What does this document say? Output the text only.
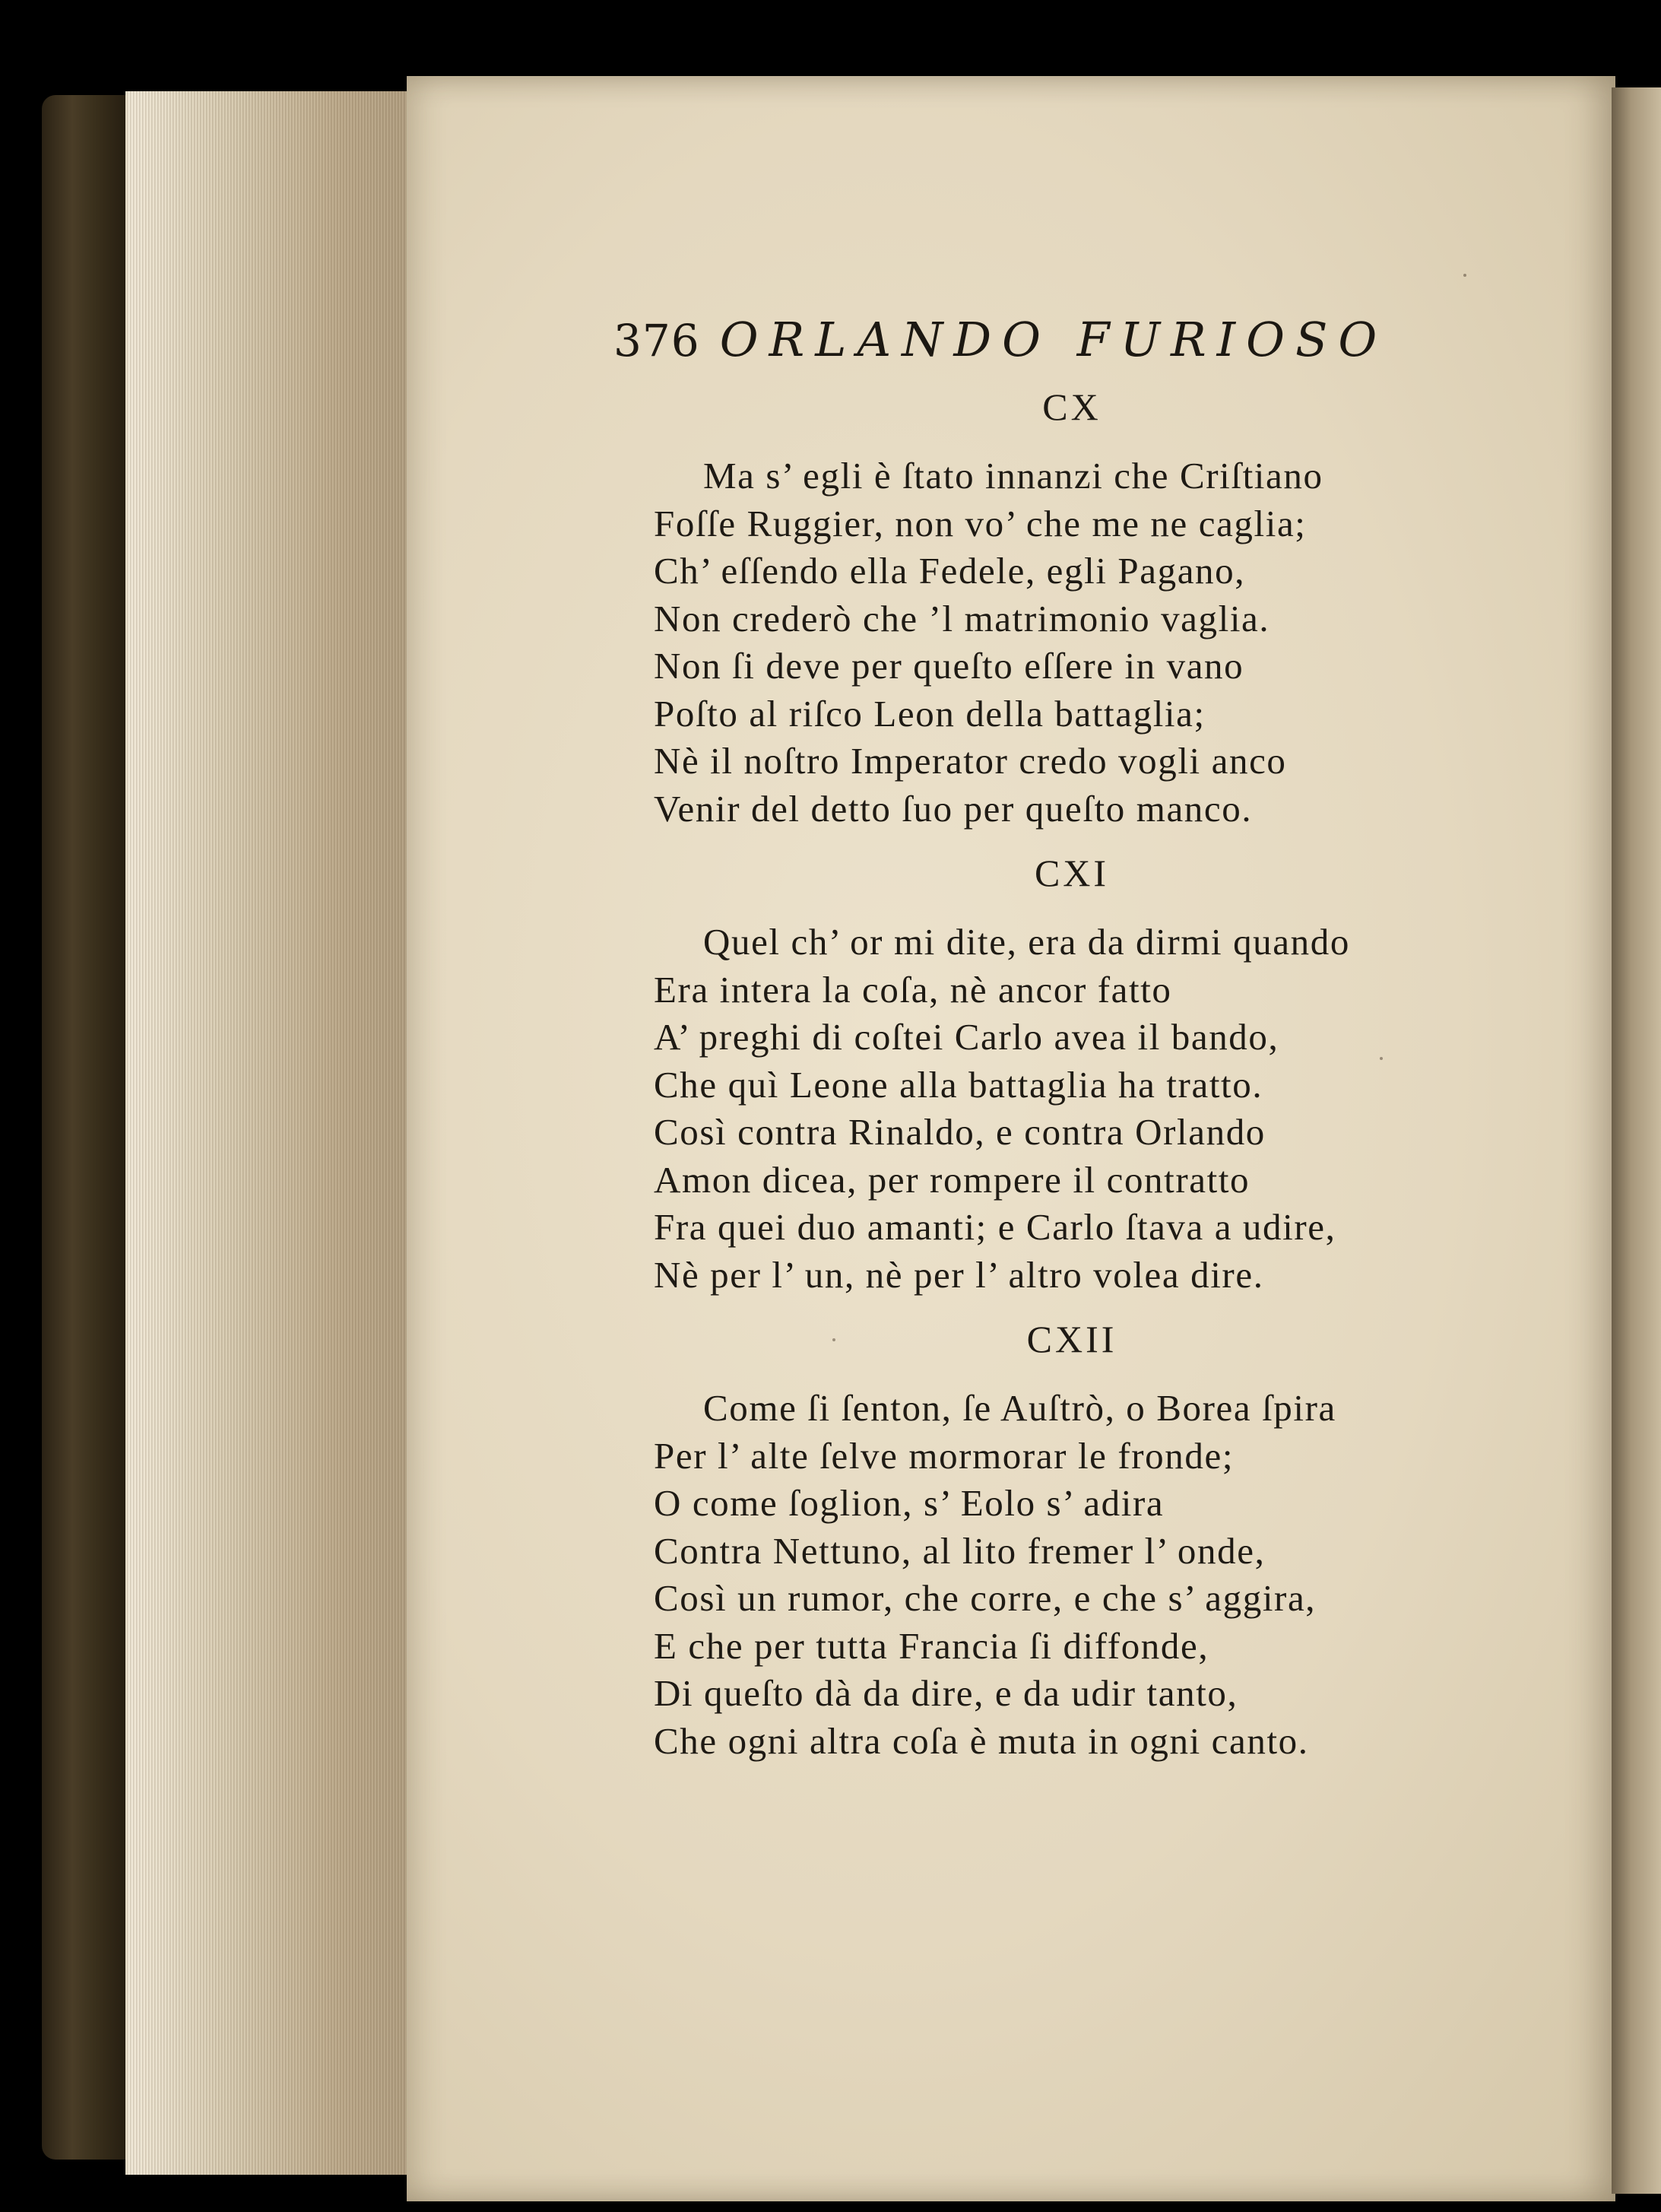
376 ORLANDO FURIOSO
CX
Ma s’ egli è ſtato innanzi che Criſtiano
Foſſe Ruggier, non vo’ che me ne caglia;
Ch’ eſſendo ella Fedele, egli Pagano,
Non crederò che ’l matrimonio vaglia.
Non ſi deve per queſto eſſere in vano
Poſto al riſco Leon della battaglia;
Nè il noſtro Imperator credo vogli anco
Venir del detto ſuo per queſto manco.
CXI
Quel ch’ or mi dite, era da dirmi quando
Era intera la coſa, nè ancor fatto
A’ preghi di coſtei Carlo avea il bando,
Che quì Leone alla battaglia ha tratto.
Così contra Rinaldo, e contra Orlando
Amon dicea, per rompere il contratto
Fra quei duo amanti; e Carlo ſtava a udire,
Nè per l’ un, nè per l’ altro volea dire.
CXII
Come ſi ſenton, ſe Auſtrò, o Borea ſpira
Per l’ alte ſelve mormorar le fronde;
O come ſoglion, s’ Eolo s’ adira
Contra Nettuno, al lito fremer l’ onde,
Così un rumor, che corre, e che s’ aggira,
E che per tutta Francia ſi diffonde,
Di queſto dà da dire, e da udir tanto,
Che ogni altra coſa è muta in ogni canto.
